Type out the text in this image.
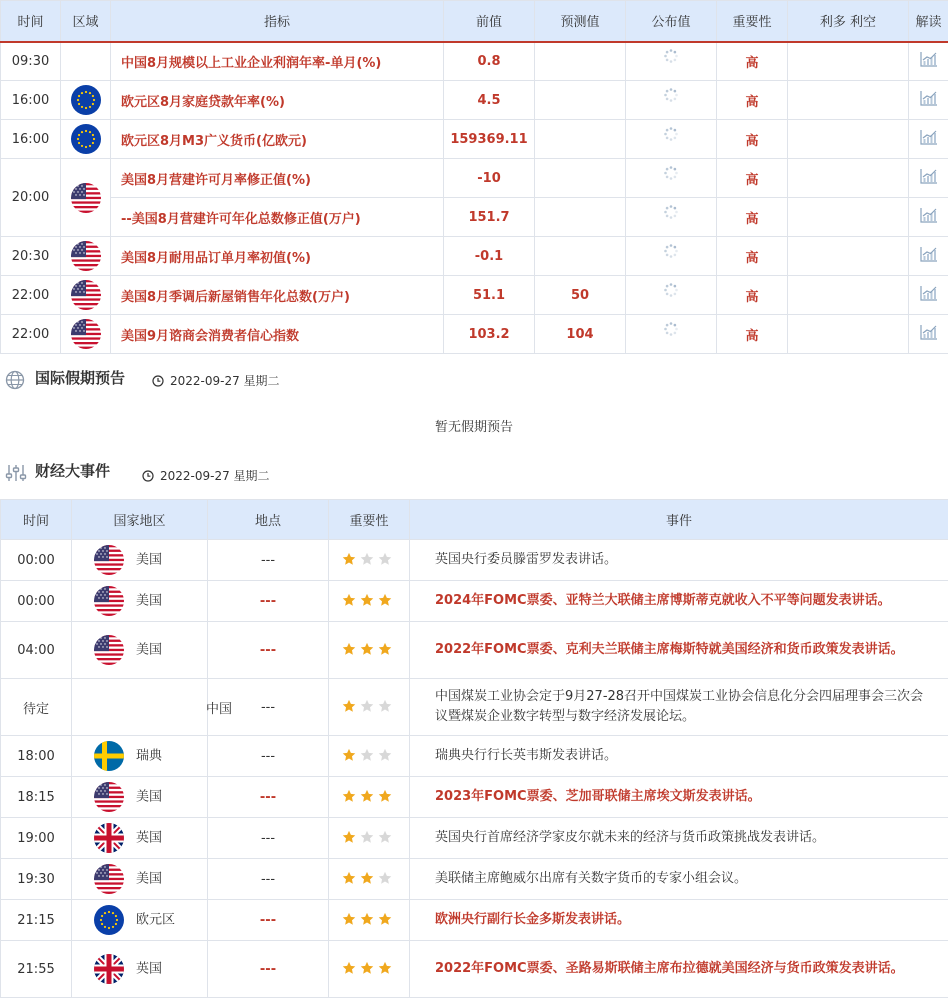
时间	区域	指标	前值	预测值	公布值	重要性	利多 利空	解读
09:30		中国8月规模以上工业企业利润年率-单月(%)	0.8			高		
16:00		欧元区8月家庭贷款年率(%)	4.5			高		
16:00		欧元区8月M3广义货币(亿欧元)	159369.11			高		
20:00		美国8月营建许可月率修正值(%)	-10			高		
		--美国8月营建许可年化总数修正值(万户)	151.7			高		
20:30		美国8月耐用品订单月率初值(%)	-0.1			高		
22:00		美国8月季调后新屋销售年化总数(万户)	51.1	50		高		
22:00		美国9月谘商会消费者信心指数	103.2	104		高		
国际假期预告	2022-09-27 星期二
暂无假期预告
财经大事件	2022-09-27 星期二
时间	国家地区	地点	重要性	事件
00:00	美国	---		英国央行委员滕雷罗发表讲话。
00:00	美国	---		2024年FOMC票委、亚特兰大联储主席博斯蒂克就收入不平等问题发表讲话。
04:00	美国	---		2022年FOMC票委、克利夫兰联储主席梅斯特就美国经济和货币政策发表讲话。
待定	中国	---		中国煤炭工业协会定于9月27-28召开中国煤炭工业协会信息化分会四届理事会三次会议暨煤炭企业数字转型与数字经济发展论坛。
18:00	瑞典	---		瑞典央行行长英韦斯发表讲话。
18:15	美国	---		2023年FOMC票委、芝加哥联储主席埃文斯发表讲话。
19:00	英国	---		英国央行首席经济学家皮尔就未来的经济与货币政策挑战发表讲话。
19:30	美国	---		美联储主席鲍威尔出席有关数字货币的专家小组会议。
21:15	欧元区	---		欧洲央行副行长金多斯发表讲话。
21:55	英国	---		2022年FOMC票委、圣路易斯联储主席布拉德就美国经济与货币政策发表讲话。
